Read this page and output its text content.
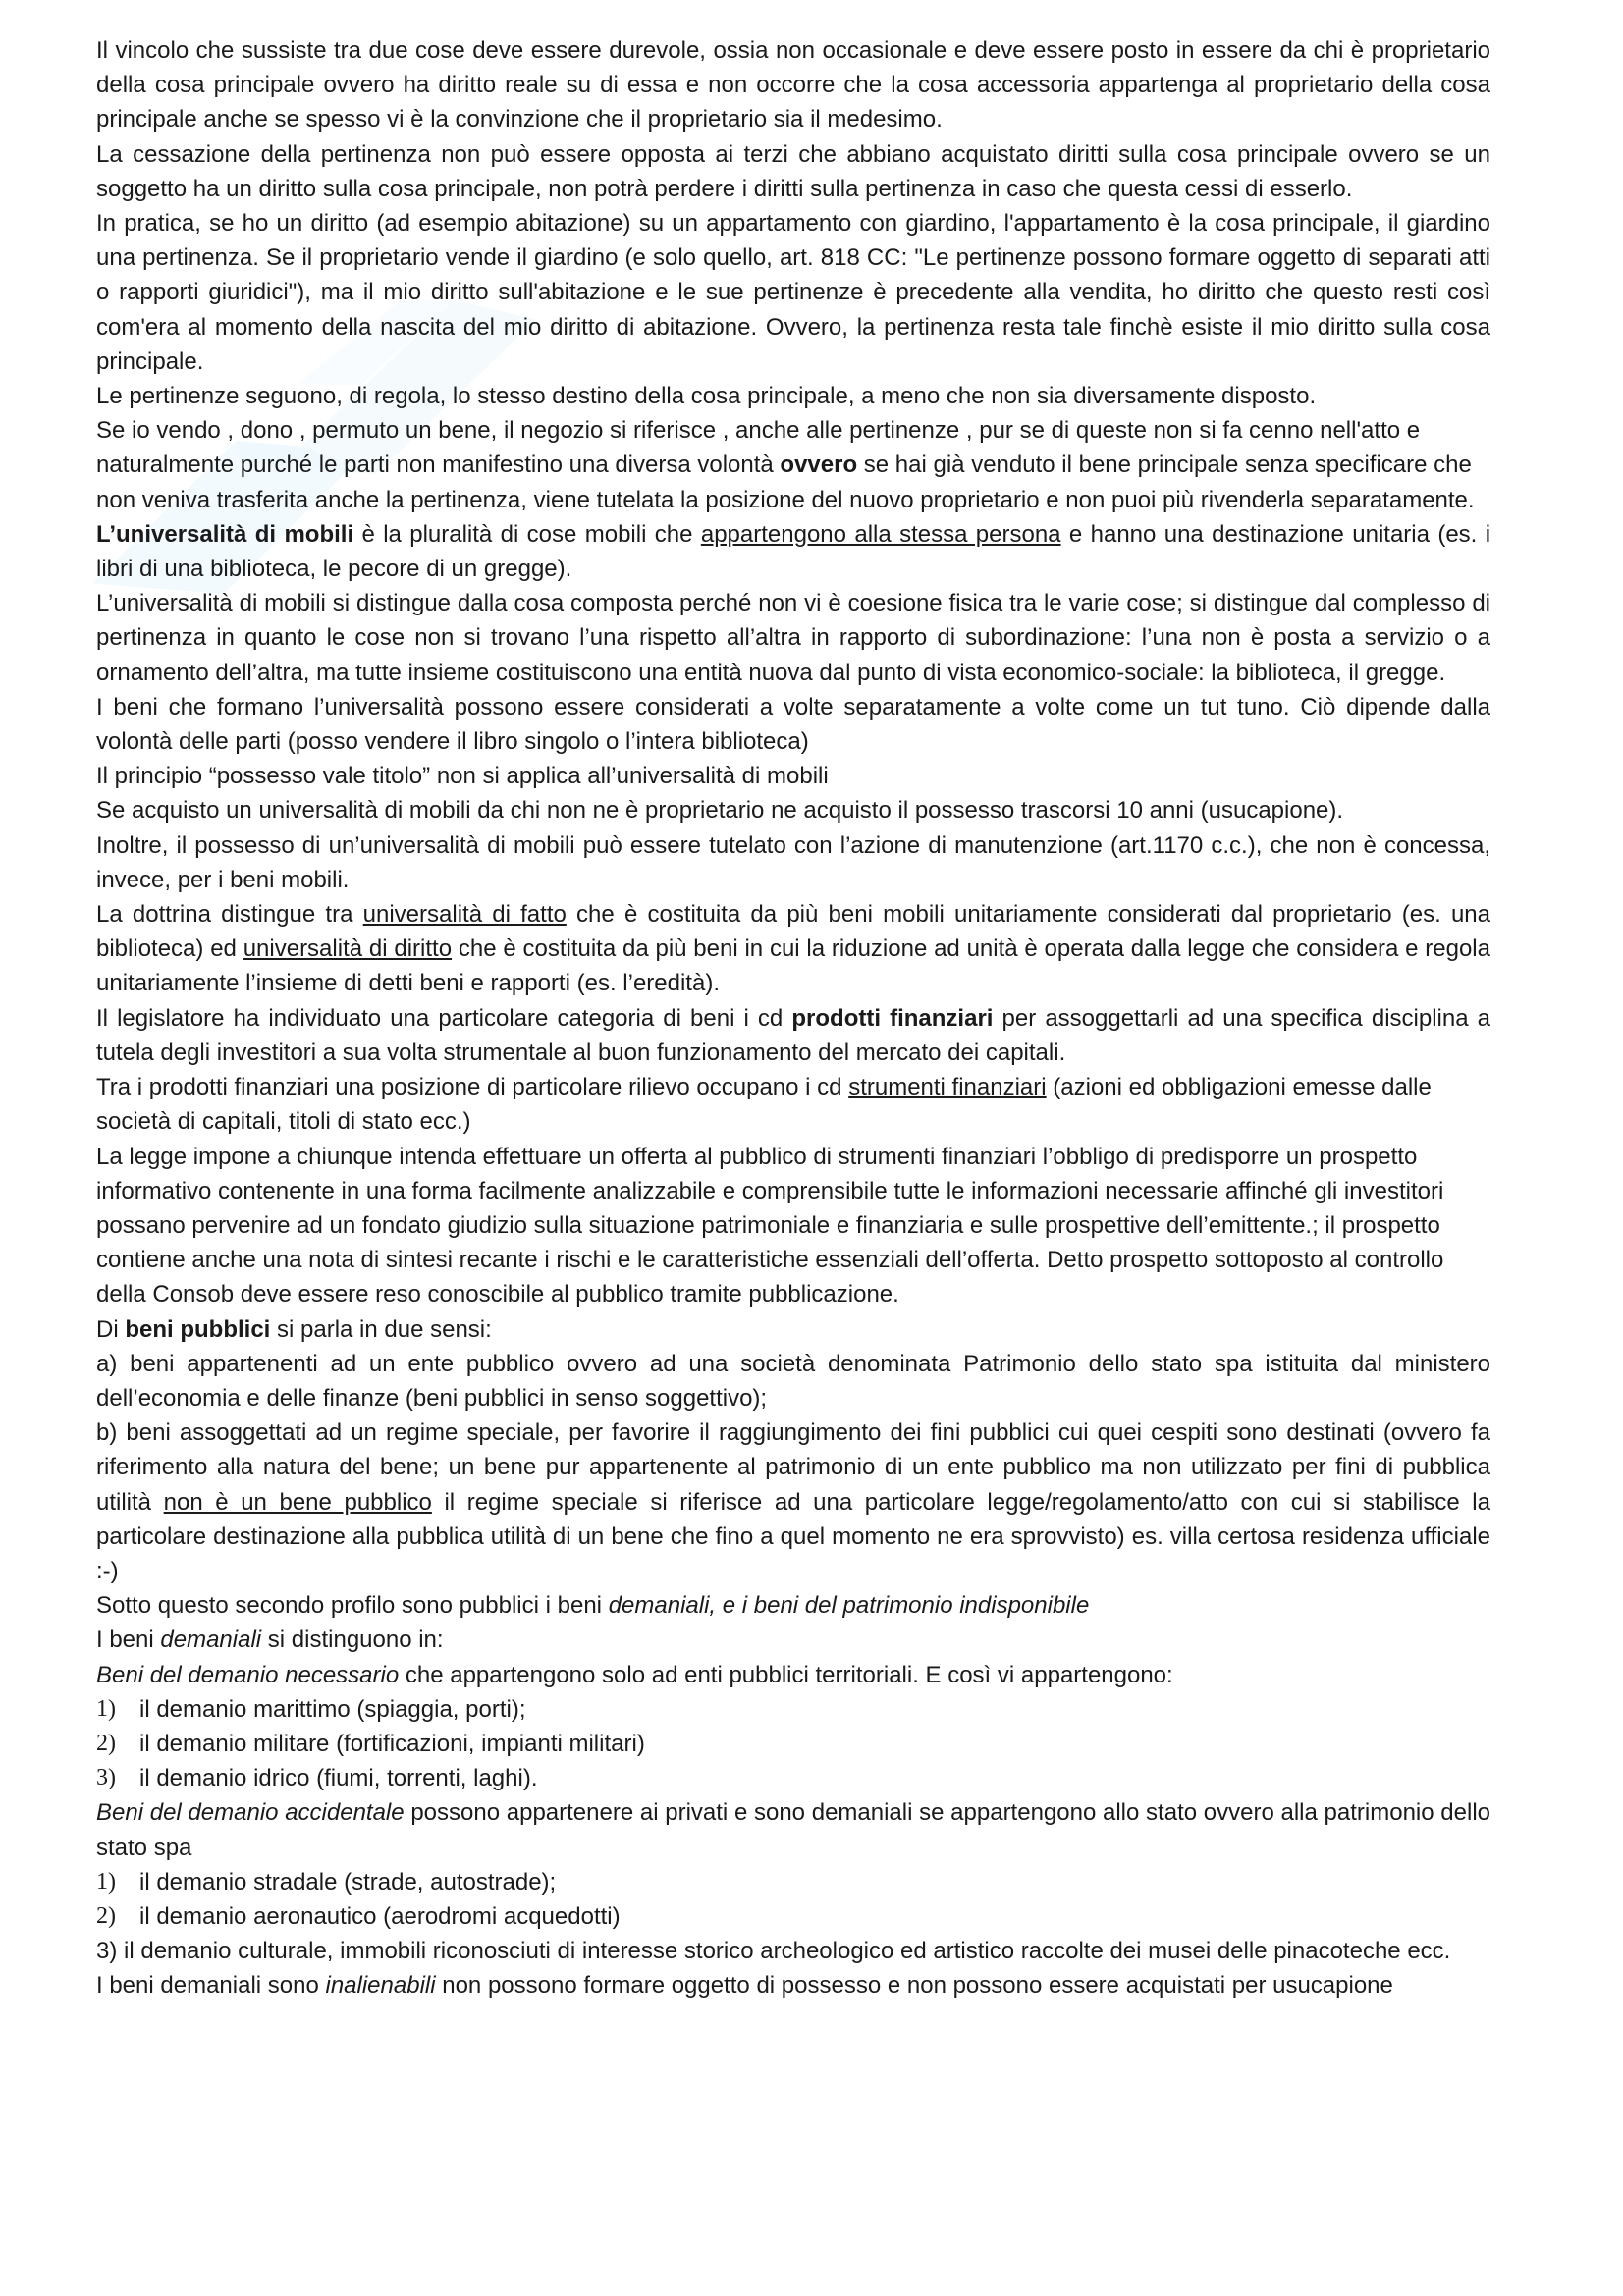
Il vincolo che sussiste tra due cose deve essere durevole, ossia non occasionale e deve essere posto in essere da chi è proprietario della cosa principale ovvero ha diritto reale su di essa e non occorre che la cosa accessoria appartenga al proprietario della cosa principale anche se spesso vi è la convinzione che il proprietario sia il medesimo.

La cessazione della pertinenza non può essere opposta ai terzi che abbiano acquistato diritti sulla cosa principale ovvero se un soggetto ha un diritto sulla cosa principale, non potrà perdere i diritti sulla pertinenza in caso che questa cessi di esserlo.

In pratica, se ho un diritto (ad esempio abitazione) su un appartamento con giardino, l'appartamento è la cosa principale, il giardino una pertinenza. Se il proprietario vende il giardino (e solo quello, art. 818 CC: "Le pertinenze possono formare oggetto di separati atti o rapporti giuridici"), ma il mio diritto sull'abitazione e le sue pertinenze è precedente alla vendita, ho diritto che questo resti così com'era al momento della nascita del mio diritto di abitazione. Ovvero, la pertinenza resta tale finchè esiste il mio diritto sulla cosa principale.

Le pertinenze seguono, di regola, lo stesso destino della cosa principale, a meno che non sia diversamente disposto.

Se io vendo , dono , permuto un bene, il negozio si riferisce , anche alle pertinenze , pur se di queste non si fa cenno nell'atto e naturalmente purché le parti non manifestino una diversa volontà ovvero se hai già venduto il bene principale senza specificare che non veniva trasferita anche la pertinenza, viene tutelata la posizione del nuovo proprietario e non puoi più rivenderla separatamente.

L’universalità di mobili è la pluralità di cose mobili che appartengono alla stessa persona e hanno una destinazione unitaria (es. i libri di una biblioteca, le pecore di un gregge).

L’universalità di mobili si distingue dalla cosa composta perché non vi è coesione fisica tra le varie cose; si distingue dal complesso di pertinenza in quanto le cose non si trovano l’una rispetto all’altra in rapporto di subordinazione: l’una non è posta a servizio o a ornamento dell’altra, ma tutte insieme costituiscono una entità nuova dal punto di vista economico-sociale: la biblioteca, il gregge.

I beni che formano l’universalità possono essere considerati a volte separatamente a volte come un tut tuno. Ciò dipende dalla volontà delle parti (posso vendere il libro singolo o l’intera biblioteca)

Il principio “possesso vale titolo” non si applica all’universalità di mobili

Se acquisto un universalità di mobili da chi non ne è proprietario ne acquisto il possesso trascorsi 10 anni (usucapione).

Inoltre, il possesso di un’universalità di mobili può essere tutelato con l’azione di manutenzione (art.1170 c.c.), che non è concessa, invece, per i beni mobili.

La dottrina distingue tra universalità di fatto che è costituita da più beni mobili unitariamente considerati dal proprietario (es. una biblioteca) ed universalità di diritto che è costituita da più beni in cui la riduzione ad unità è operata dalla legge che considera e regola unitariamente l’insieme di detti beni e rapporti (es. l’eredità).

Il legislatore ha individuato una particolare categoria di beni i cd prodotti finanziari per assoggettarli ad una specifica disciplina a tutela degli investitori a sua volta strumentale al buon funzionamento del mercato dei capitali.

Tra i prodotti finanziari una posizione di particolare rilievo occupano i cd strumenti finanziari (azioni ed obbligazioni emesse dalle società di capitali, titoli di stato ecc.)

La legge impone a chiunque intenda effettuare un offerta al pubblico di strumenti finanziari l’obbligo di predisporre un prospetto informativo contenente in una forma facilmente analizzabile e comprensibile tutte le informazioni necessarie affinché gli investitori possano pervenire ad un fondato giudizio sulla situazione patrimoniale e finanziaria e sulle prospettive dell’emittente.; il prospetto contiene anche una nota di sintesi recante i rischi e le caratteristiche essenziali dell’offerta. Detto prospetto sottoposto al controllo della Consob deve essere reso conoscibile al pubblico tramite pubblicazione.

Di beni pubblici si parla in due sensi:

a) beni appartenenti ad un ente pubblico ovvero ad una società denominata Patrimonio dello stato spa istituita dal ministero dell’economia e delle finanze (beni pubblici in senso soggettivo);

b) beni assoggettati ad un regime speciale, per favorire il raggiungimento dei fini pubblici cui quei cespiti sono destinati (ovvero fa riferimento alla natura del bene; un bene pur appartenente al patrimonio di un ente pubblico ma non utilizzato per fini di pubblica utilità non è un bene pubblico il regime speciale si riferisce ad una particolare legge/regolamento/atto con cui si stabilisce la particolare destinazione alla pubblica utilità di un bene che fino a quel momento ne era sprovvisto) es. villa certosa residenza ufficiale :-)

Sotto questo secondo profilo sono pubblici i beni demaniali, e i beni del patrimonio indisponibile

I beni demaniali si distinguono in:

Beni del demanio necessario che appartengono solo ad enti pubblici territoriali. E così vi appartengono:

1)	il demanio marittimo (spiaggia, porti);
2)	il demanio militare (fortificazioni, impianti militari)
3)	il demanio idrico (fiumi, torrenti, laghi).

Beni del demanio accidentale possono appartenere ai privati e sono demaniali se appartengono allo stato ovvero alla patrimonio dello stato spa

1)	il demanio stradale (strade, autostrade);
2)	il demanio aeronautico (aerodromi acquedotti)

3) il demanio culturale, immobili riconosciuti di interesse storico archeologico ed artistico raccolte dei musei delle pinacoteche ecc.

I beni demaniali sono inalienabili non possono formare oggetto di possesso e non possono essere acquistati per usucapione
